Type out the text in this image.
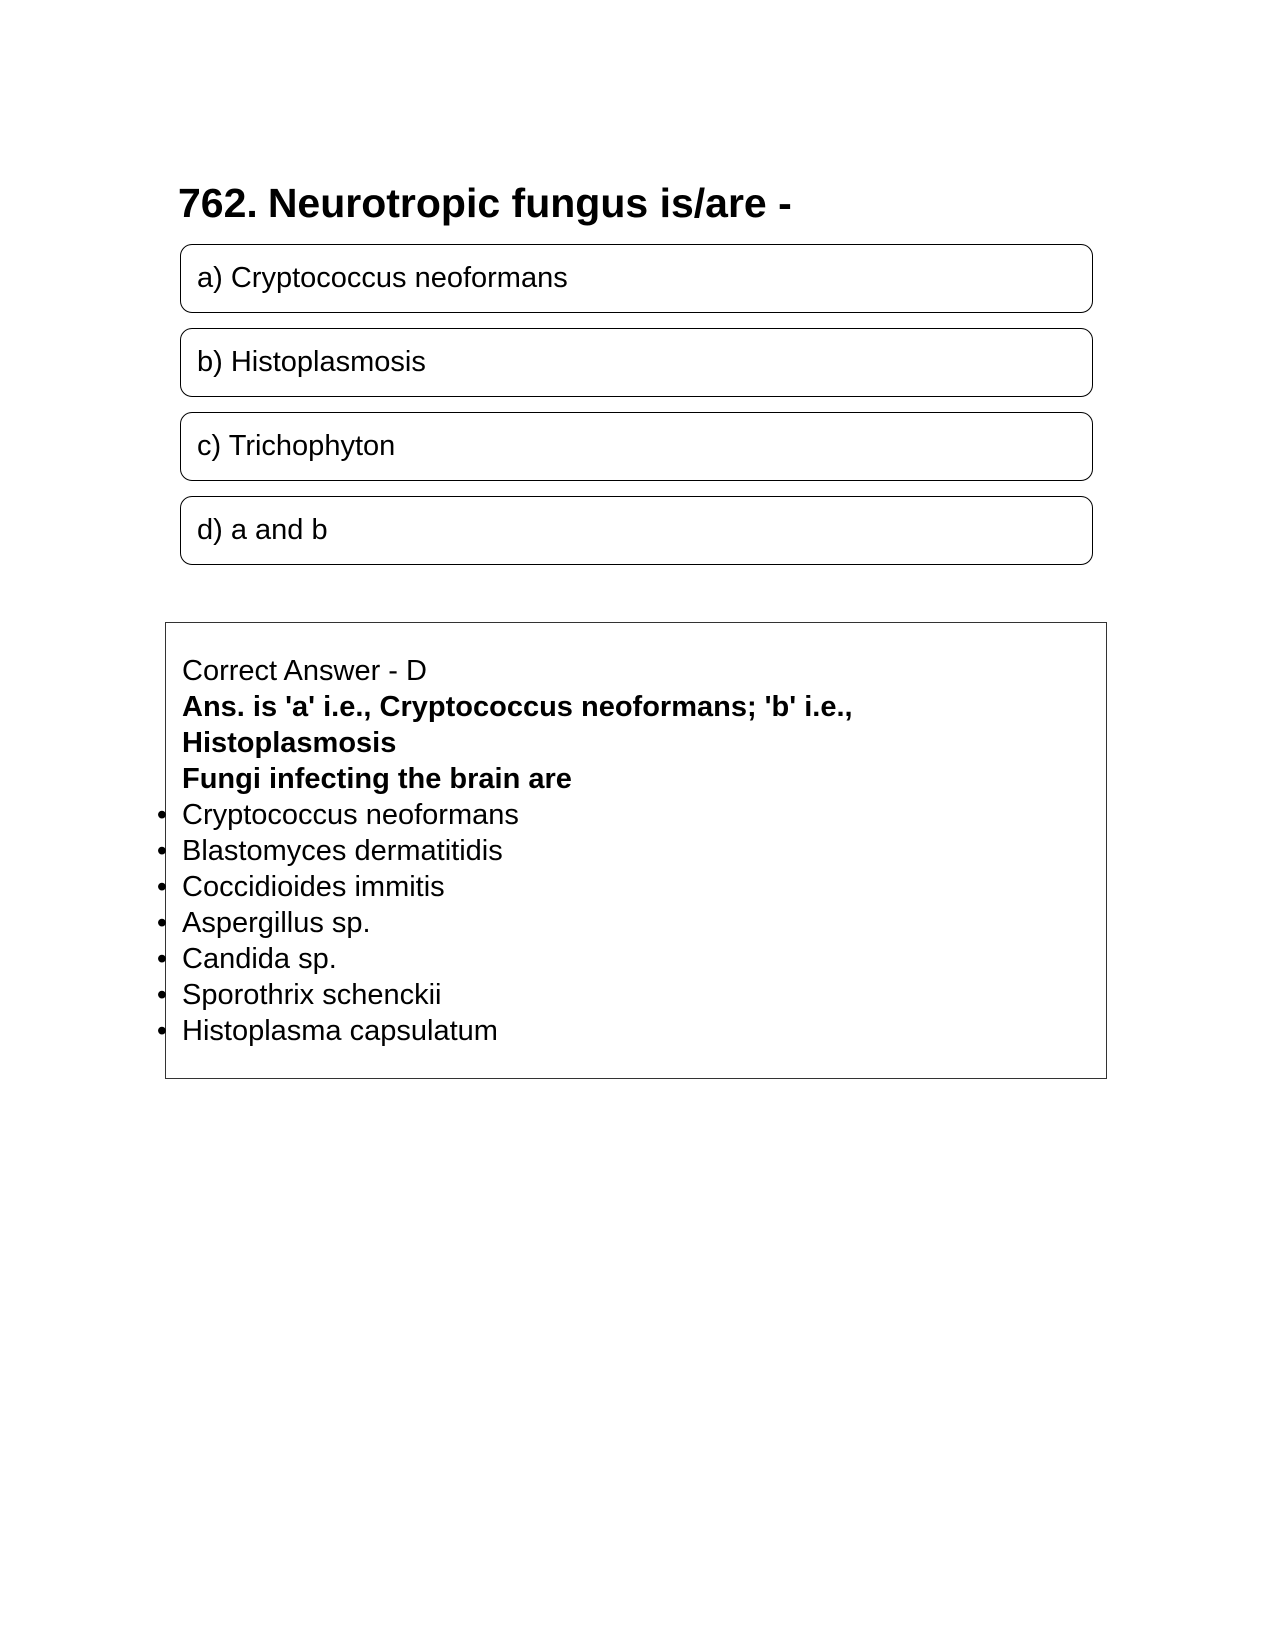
762. Neurotropic fungus is/are -
a) Cryptococcus neoformans
b) Histoplasmosis
c) Trichophyton
d) a and b
Correct Answer - D
Ans. is 'a' i.e., Cryptococcus neoformans; 'b' i.e.,
Histoplasmosis
Fungi infecting the brain are
• Cryptococcus neoformans
• Blastomyces dermatitidis
• Coccidioides immitis
• Aspergillus sp.
• Candida sp.
• Sporothrix schenckii
• Histoplasma capsulatum
